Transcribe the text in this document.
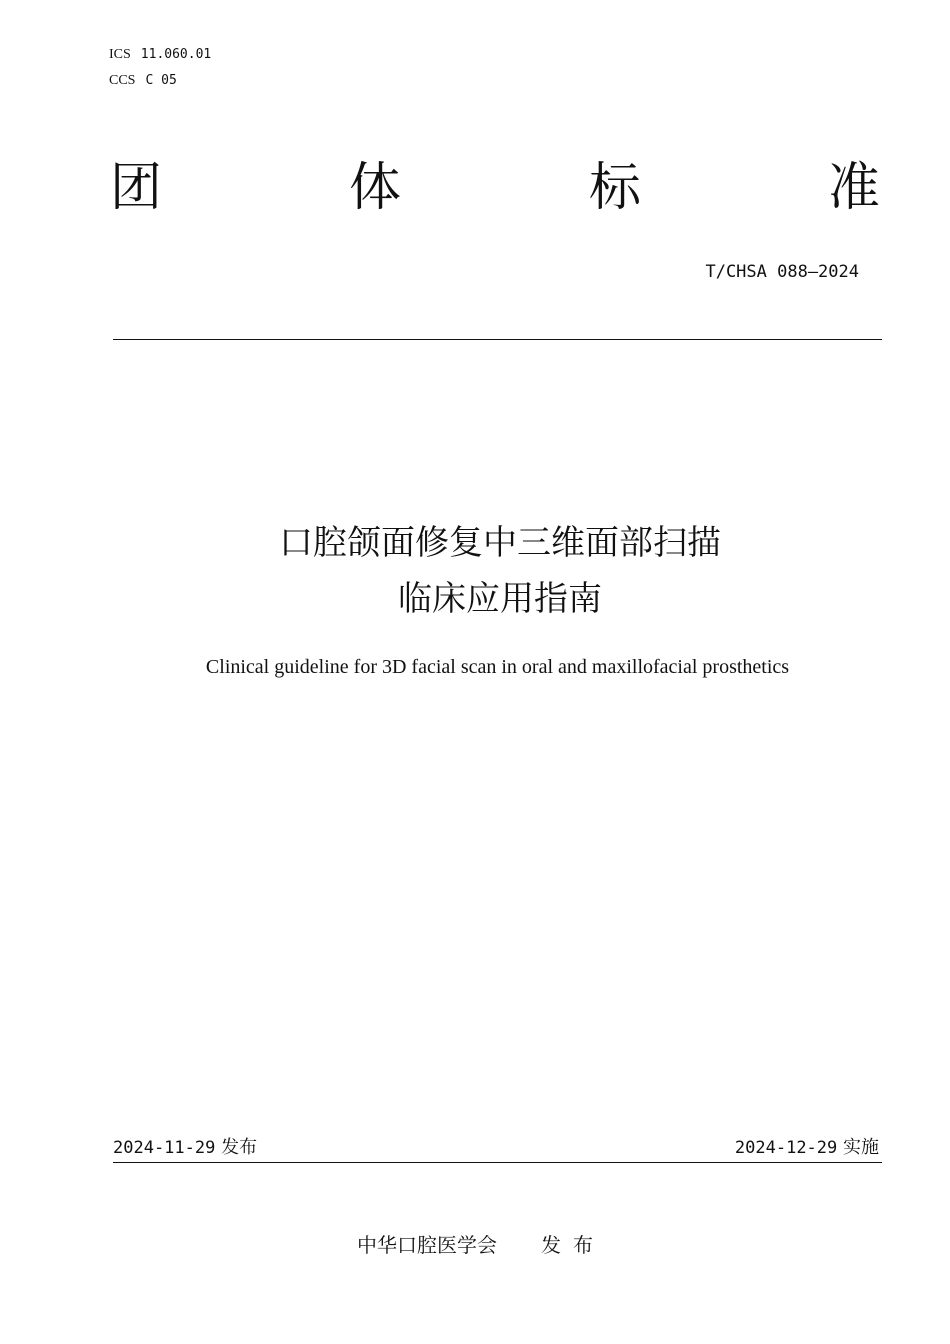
ICS 11.060.01
CCS C 05
团	体	标	准
T/CHSA 088—2024
口腔颌面修复中三维面部扫描
临床应用指南
Clinical guideline for 3D facial scan in oral and maxillofacial prosthetics
2024-11-29 发布	2024-12-29 实施
中华口腔医学会 发布
